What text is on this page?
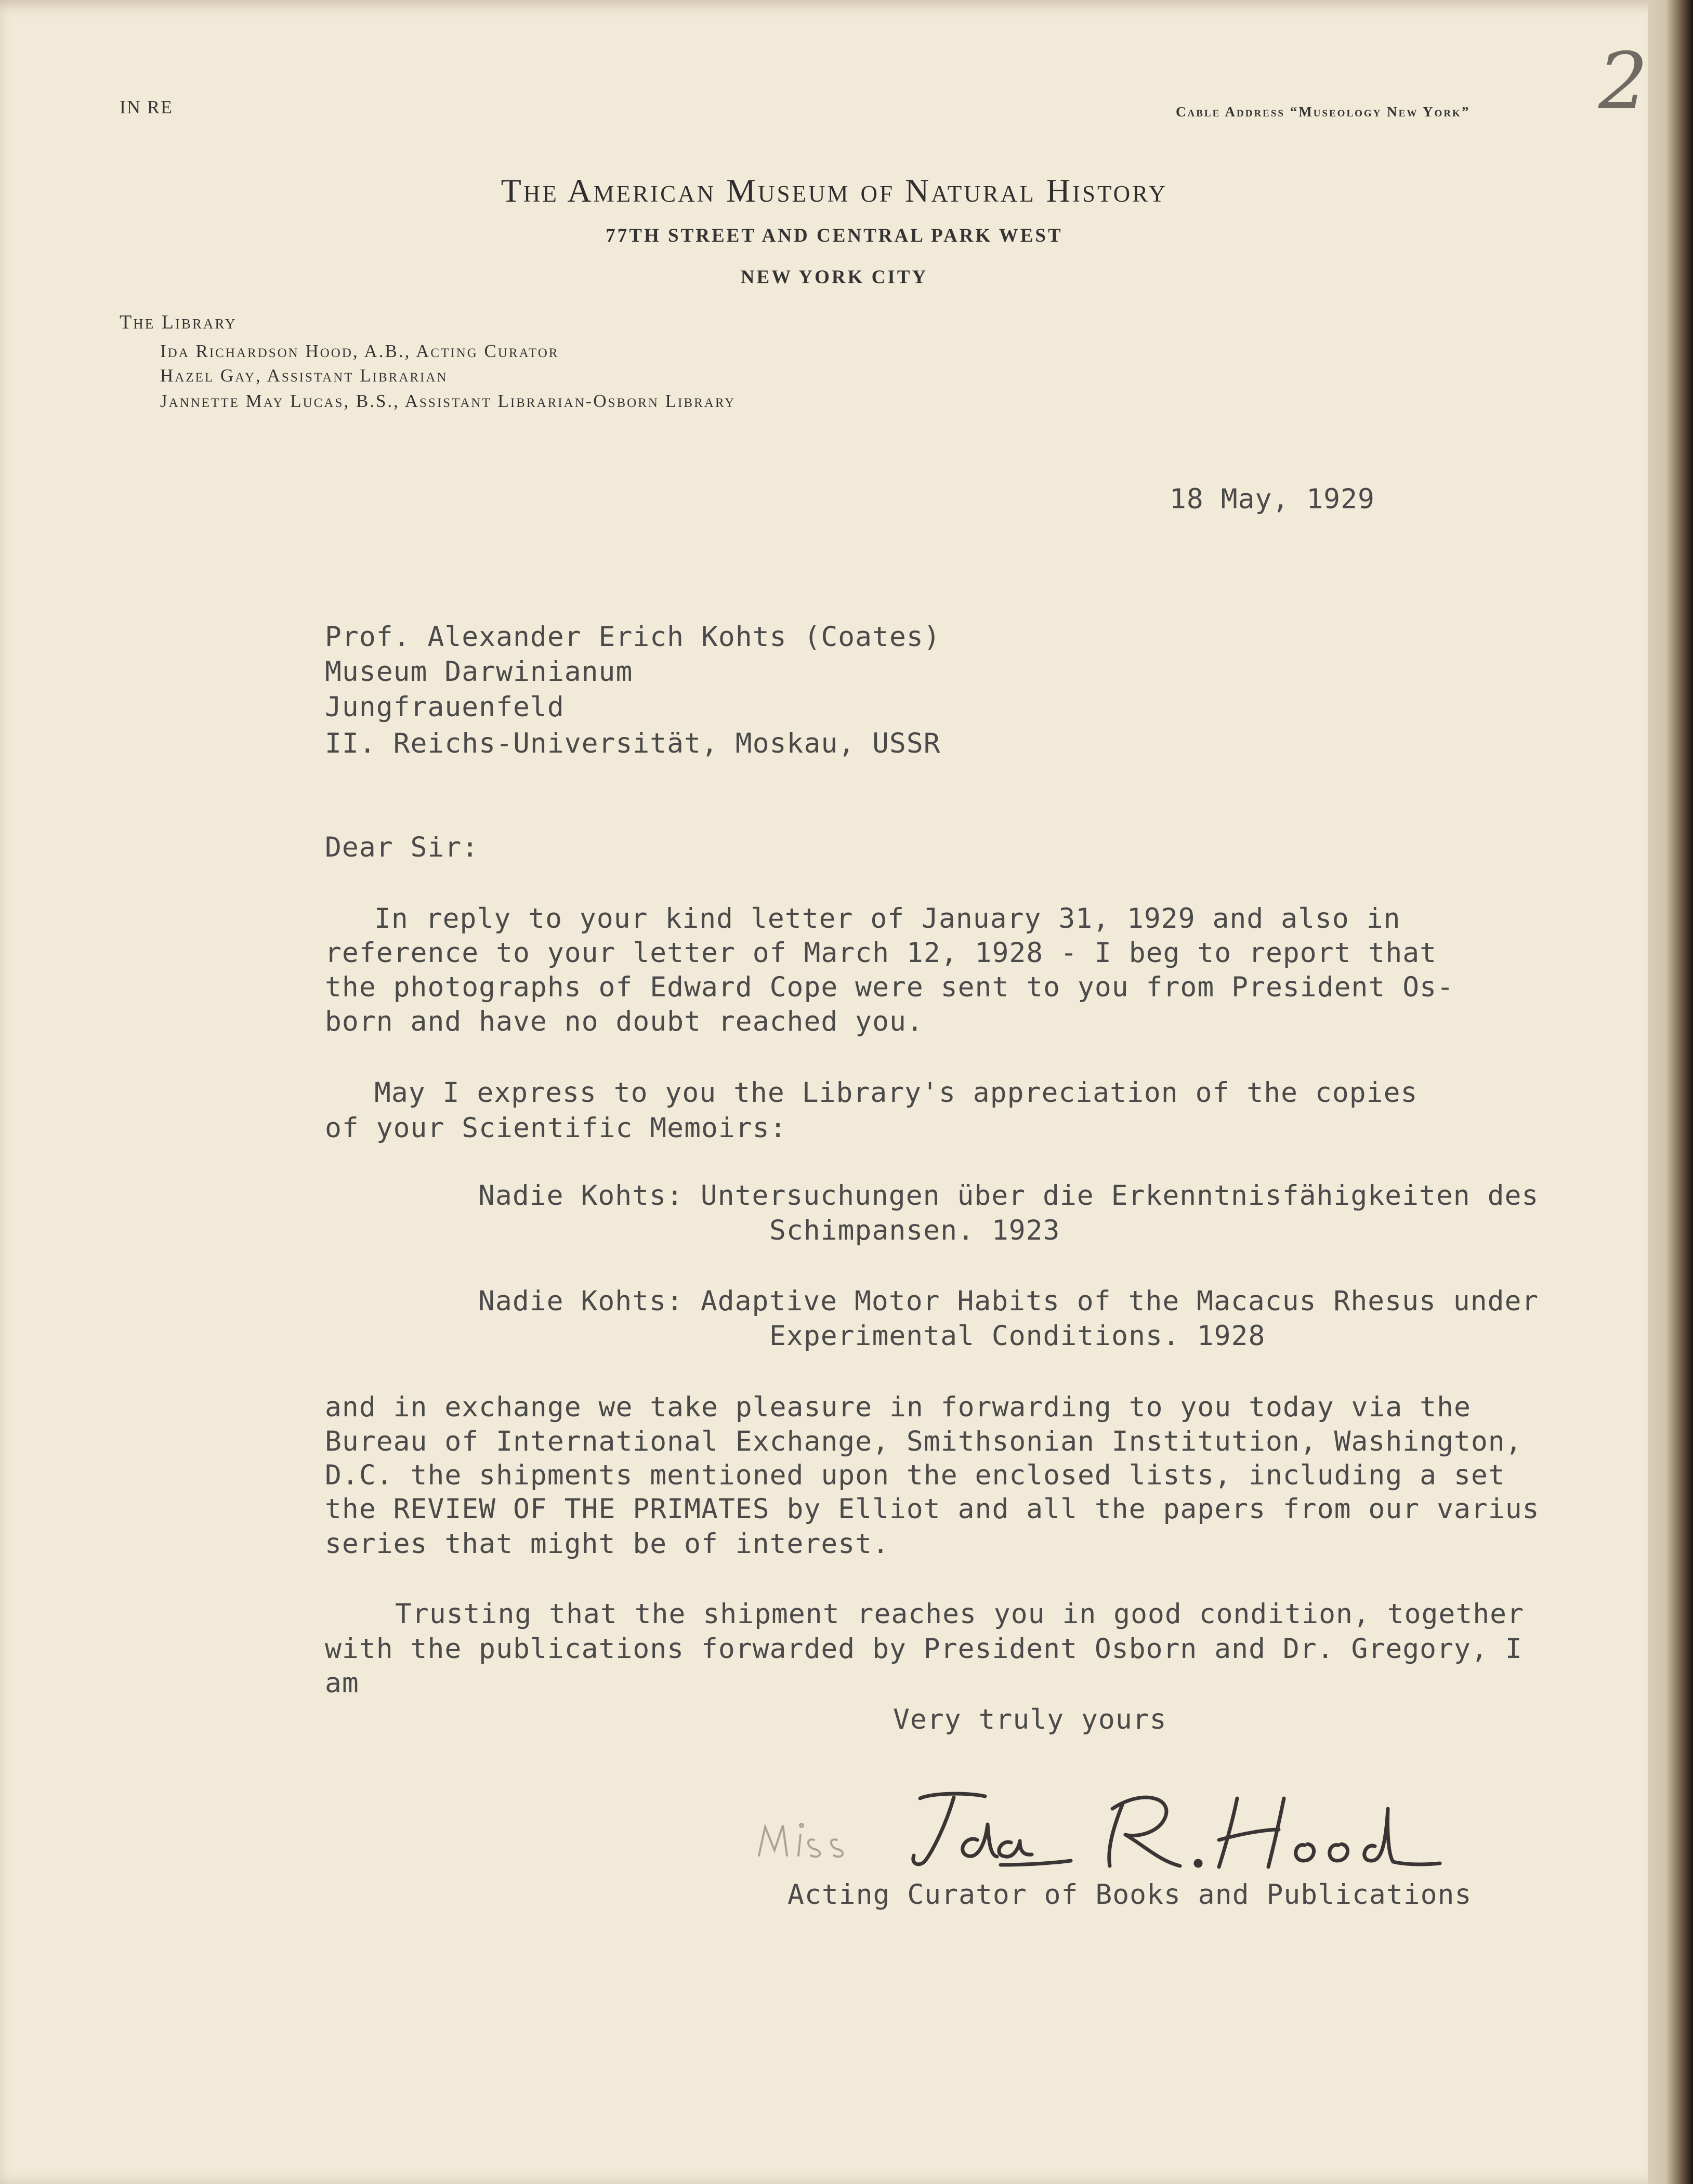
2
IN RE	Cable Address “Museology New York”
The American Museum of Natural History
77TH STREET AND CENTRAL PARK WEST
NEW YORK CITY
The Library
Ida Richardson Hood, A.B., Acting Curator
Hazel Gay, Assistant Librarian
Jannette May Lucas, B.S., Assistant Librarian-Osborn Library
18 May, 1929
Prof. Alexander Erich Kohts (Coates)
Museum Darwinianum
Jungfrauenfeld
II. Reichs-Universität, Moskau, USSR
Dear Sir:
In reply to your kind letter of January 31, 1929 and also in
reference to your letter of March 12, 1928 - I beg to report that
the photographs of Edward Cope were sent to you from President Os-
born and have no doubt reached you.
May I express to you the Library's appreciation of the copies
of your Scientific Memoirs:
Nadie Kohts: Untersuchungen über die Erkenntnisfähigkeiten des
Schimpansen. 1923
Nadie Kohts: Adaptive Motor Habits of the Macacus Rhesus under
Experimental Conditions. 1928
and in exchange we take pleasure in forwarding to you today via the
Bureau of International Exchange, Smithsonian Institution, Washington,
D.C. the shipments mentioned upon the enclosed lists, including a set
the REVIEW OF THE PRIMATES by Elliot and all the papers from our varius
series that might be of interest.
Trusting that the shipment reaches you in good condition, together
with the publications forwarded by President Osborn and Dr. Gregory, I
am
Very truly yours
Acting Curator of Books and Publications
